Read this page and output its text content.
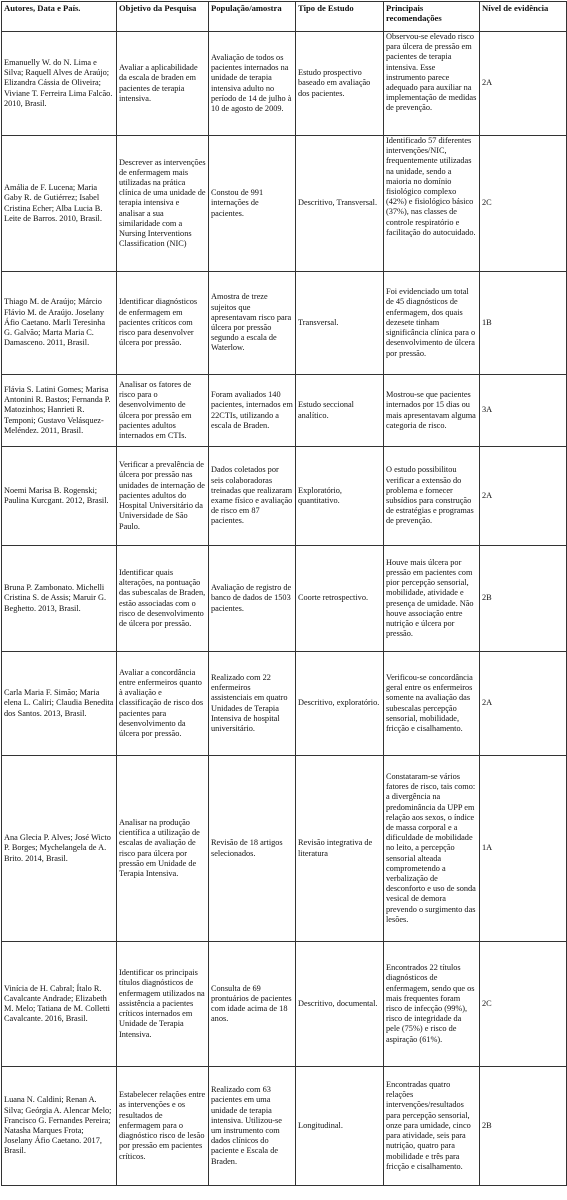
Autores, Data e País.	Objetivo da Pesquisa	População/amostra	Tipo de Estudo	Principais recomendações	Nível de evidência
Emanuelly W. do N. Lima e Silva; Raquell Alves de Araújo; Elizandra Cássia de Oliveira; Viviane T. Ferreira Lima Falcão. 2010, Brasil.	Avaliar a aplicabilidade da escala de braden em pacientes de terapia intensiva.	Avaliação de todos os pacientes internados na unidade de terapia intensiva adulto no período de 14 de julho à 10 de agosto de 2009.	Estudo prospectivo baseado em avaliação dos pacientes.	Observou-se elevado risco para úlcera de pressão em pacientes de terapia intensiva. Esse instrumento parece adequado para auxiliar na implementação de medidas de prevenção.	2A
Amália de F. Lucena; Maria Gaby R. de Gutiérrez; Isabel Cristina Echer; Alba Lucia B. Leite de Barros. 2010, Brasil.	Descrever as intervenções de enfermagem mais utilizadas na prática clínica de uma unidade de terapia intensiva e analisar a sua similaridade com a Nursing Interventions Classification (NIC)	Constou de 991 internações de pacientes.	Descritivo, Transversal.	Identificado 57 diferentes intervenções/NIC, frequentemente utilizadas na unidade, sendo a maioria no domínio fisiológico complexo (42%) e fisiológico básico (37%), nas classes de controle respiratório e facilitação do autocuidado.	2C
Thiago M. de Araújo; Márcio Flávio M. de Araújo. Joselany Áfio Caetano. Marli Teresinha G. Galvão; Marta Maria C. Damasceno. 2011, Brasil.	Identificar diagnósticos de enfermagem em pacientes críticos com risco para desenvolver úlcera por pressão.	Amostra de treze sujeitos que apresentavam risco para úlcera por pressão segundo a escala de Waterlow.	Transversal.	Foi evidenciado um total de 45 diagnósticos de enfermagem, dos quais dezesete tinham significância clínica para o desenvolvimento de úlcera por pressão.	1B
Flávia S. Latini Gomes; Marisa Antonini R. Bastos; Fernanda P. Matozinhos; Hanrieti R. Temponi; Gustavo Velásquez-Meléndez. 2011, Brasil.	Analisar os fatores de risco para o desenvolvimento de úlcera por pressão em pacientes adultos internados em CTIs.	Foram avaliados 140 pacientes, internados em 22CTIs, utilizando a escala de Braden.	Estudo seccional analítico.	Mostrou-se que pacientes internados por 15 dias ou mais apresentavam alguma categoria de risco.	3A
Noemi Marisa B. Rogenski; Paulina Kurcgant. 2012, Brasil.	Verificar a prevalência de úlcera por pressão nas unidades de internação de pacientes adultos do Hospital Universitário da Universidade de São Paulo.	Dados coletados por seis colaboradoras treinadas que realizaram exame físico e avaliação de risco em 87 pacientes.	Exploratório, quantitativo.	O estudo possibilitou verificar a extensão do problema e fornecer subsídios para construção de estratégias e programas de prevenção.	2A
Bruna P. Zambonato. Michelli Cristina S. de Assis; Maruir G. Beghetto. 2013, Brasil.	Identificar quais alterações, na pontuação das subescalas de Braden, estão associadas com o risco de desenvolvimento de úlcera por pressão.	Avaliação de registro de banco de dados de 1503 pacientes.	Coorte retrospectivo.	Houve mais úlcera por pressão em pacientes com pior percepção sensorial, mobilidade, atividade e presença de umidade. Não houve associação entre nutrição e úlcera por pressão.	2B
Carla Maria F. Simão; Maria elena L. Caliri; Claudia Benedita dos Santos. 2013, Brasil.	Avaliar a concordância entre enfermeiros quanto à avaliação e classificação de risco dos pacientes para desenvolvimento da úlcera por pressão.	Realizado com 22 enfermeiros assistenciais em quatro Unidades de Terapia Intensiva de hospital universitário.	Descritivo, exploratório.	Verificou-se concordância geral entre os enfermeiros somente na avaliação das subescalas percepção sensorial, mobilidade, fricção e cisalhamento.	2A
Ana Glecia P. Alves; José Wicto P. Borges; Mychelangela de A. Brito. 2014, Brasil.	Analisar na produção científica a utilização de escalas de avaliação de risco para úlcera por pressão em Unidade de Terapia Intensiva.	Revisão de 18 artigos selecionados.	Revisão integrativa de literatura	Constataram-se vários fatores de risco, tais como: a divergência na predominância da UPP em relação aos sexos, o índice de massa corporal e a dificuldade de mobilidade no leito, a percepção sensorial alteada comprometendo a verbalização de desconforto e uso de sonda vesical de demora prevendo o surgimento das lesões.	1A
Vinícia de H. Cabral; Ítalo R. Cavalcante Andrade; Elizabeth M. Melo; Tatiana de M. Colletti Cavalcante. 2016, Brasil.	Identificar os principais títulos diagnósticos de enfermagem utilizados na assistência a pacientes críticos internados em Unidade de Terapia Intensiva.	Consulta de 69 prontuários de pacientes com idade acima de 18 anos.	Descritivo, documental.	Encontrados 22 títulos diagnósticos de enfermagem, sendo que os mais frequentes foram risco de infecção (99%), risco de integridade da pele (75%) e risco de aspiração (61%).	2C
Luana N. Caldini; Renan A. Silva; Geórgia A. Alencar Melo; Francisco G. Fernandes Pereira; Natasha Marques Frota; Joselany Áfio Caetano. 2017, Brasil.	Estabelecer relações entre as intervenções e os resultados de enfermagem para o diagnóstico risco de lesão por pressão em pacientes críticos.	Realizado com 63 pacientes em uma unidade de terapia intensiva. Utilizou-se um instrumento com dados clínicos do paciente e Escala de Braden.	Longitudinal.	Encontradas quatro relações intervenções/resultados para percepção sensorial, onze para umidade, cinco para atividade, seis para nutrição, quatro para mobilidade e três para fricção e cisalhamento.	2B
